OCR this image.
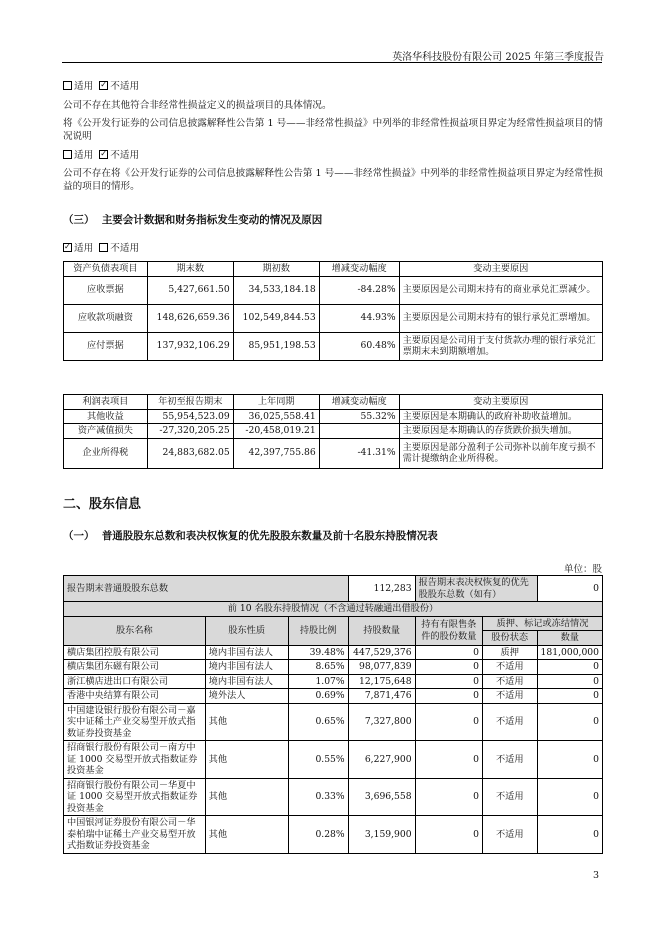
英洛华科技股份有限公司 2025 年第三季度报告
适用 ✓ 不适用
公司不存在其他符合非经常性损益定义的损益项目的具体情况。
将《公开发行证券的公司信息披露解释性公告第 1 号——非经常性损益》中列举的非经常性损益项目界定为经常性损益项目的情况说明
适用 ✓ 不适用
公司不存在将《公开发行证券的公司信息披露解释性公告第 1 号——非经常性损益》中列举的非经常性损益项目界定为经常性损益的项目的情形。
（三） 主要会计数据和财务指标发生变动的情况及原因
✓适用 不适用
资产负债表项目	期末数	期初数	增减变动幅度	变动主要原因
应收票据	5,427,661.50	34,533,184.18	-84.28%	主要原因是公司期末持有的商业承兑汇票减少。
应收款项融资	148,626,659.36	102,549,844.53	44.93%	主要原因是公司期末持有的银行承兑汇票增加。
应付票据	137,932,106.29	85,951,198.53	60.48%	主要原因是公司用于支付货款办理的银行承兑汇票期末未到期额增加。
利润表项目	年初至报告期末	上年同期	增减变动幅度	变动主要原因
其他收益	55,954,523.09	36,025,558.41	55.32%	主要原因是本期确认的政府补助收益增加。
资产减值损失	-27,320,205.25	-20,458,019.21		主要原因是本期确认的存货跌价损失增加。
企业所得税	24,883,682.05	42,397,755.86	-41.31%	主要原因是部分盈利子公司弥补以前年度亏损不需计提缴纳企业所得税。
二、股东信息
（一） 普通股股东总数和表决权恢复的优先股股东数量及前十名股东持股情况表
单位：股
报告期末普通股股东总数			112,283	报告期末表决权恢复的优先股股东总数（如有）		0
前 10 名股东持股情况（不含通过转融通出借股份）						
股东名称	股东性质	持股比例	持股数量	持有有限售条件的股份数量	质押、标记或冻结情况	
					股份状态	数量
横店集团控股有限公司	境内非国有法人	39.48%	447,529,376	0	质押	181,000,000
横店集团东磁有限公司	境内非国有法人	8.65%	98,077,839	0	不适用	0
浙江横店进出口有限公司	境内非国有法人	1.07%	12,175,648	0	不适用	0
香港中央结算有限公司	境外法人	0.69%	7,871,476	0	不适用	0
中国建设银行股份有限公司－嘉实中证稀土产业交易型开放式指数证券投资基金	其他	0.65%	7,327,800	0	不适用	0
招商银行股份有限公司－南方中证 1000 交易型开放式指数证券投资基金	其他	0.55%	6,227,900	0	不适用	0
招商银行股份有限公司－华夏中证 1000 交易型开放式指数证券投资基金	其他	0.33%	3,696,558	0	不适用	0
中国银河证券股份有限公司－华泰柏瑞中证稀土产业交易型开放式指数证券投资基金	其他	0.28%	3,159,900	0	不适用	0
3
